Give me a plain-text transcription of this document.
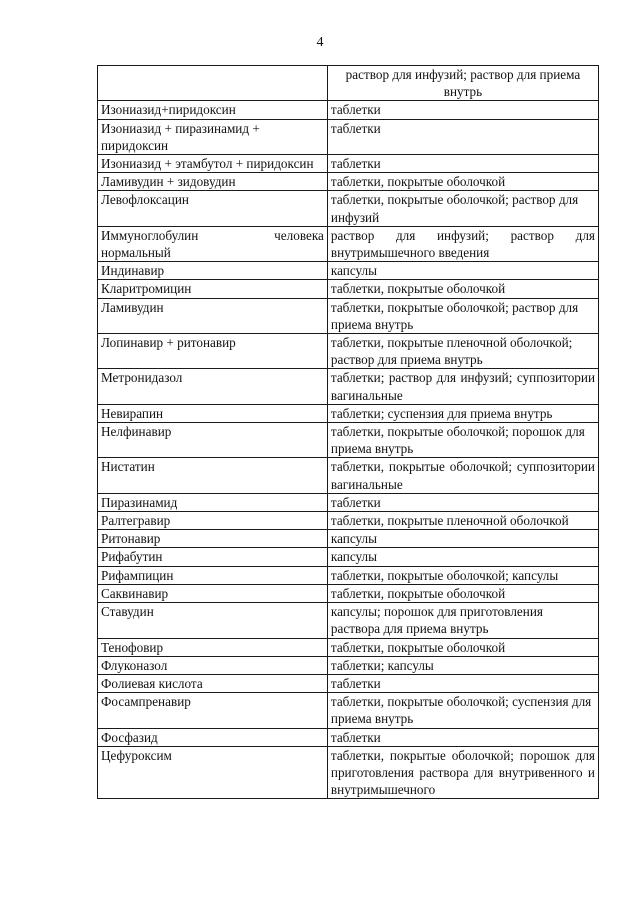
4
	раствор для инфузий; раствор для приема внутрь
Изониазид+пиридоксин	таблетки
Изониазид + пиразинамид + пиридоксин	таблетки
Изониазид + этамбутол + пиридоксин	таблетки
Ламивудин + зидовудин	таблетки, покрытые оболочкой
Левофлоксацин	таблетки, покрытые оболочкой; раствор для инфузий
Иммуноглобулин человека нормальный	раствор для инфузий; раствор для внутримышечного введения
Индинавир	капсулы
Кларитромицин	таблетки, покрытые оболочкой
Ламивудин	таблетки, покрытые оболочкой; раствор для приема внутрь
Лопинавир + ритонавир	таблетки, покрытые пленочной оболочкой; раствор для приема внутрь
Метронидазол	таблетки; раствор для инфузий; суппозитории вагинальные
Невирапин	таблетки; суспензия для приема внутрь
Нелфинавир	таблетки, покрытые оболочкой; порошок для приема внутрь
Нистатин	таблетки, покрытые оболочкой; суппозитории вагинальные
Пиразинамид	таблетки
Ралтегравир	таблетки, покрытые пленочной оболочкой
Ритонавир	капсулы
Рифабутин	капсулы
Рифампицин	таблетки, покрытые оболочкой; капсулы
Саквинавир	таблетки, покрытые оболочкой
Ставудин	капсулы; порошок для приготовления раствора для приема внутрь
Тенофовир	таблетки, покрытые оболочкой
Флуконазол	таблетки; капсулы
Фолиевая кислота	таблетки
Фосампренавир	таблетки, покрытые оболочкой; суспензия для приема внутрь
Фосфазид	таблетки
Цефуроксим	таблетки, покрытые оболочкой; порошок для приготовления раствора для внутривенного и внутримышечного
